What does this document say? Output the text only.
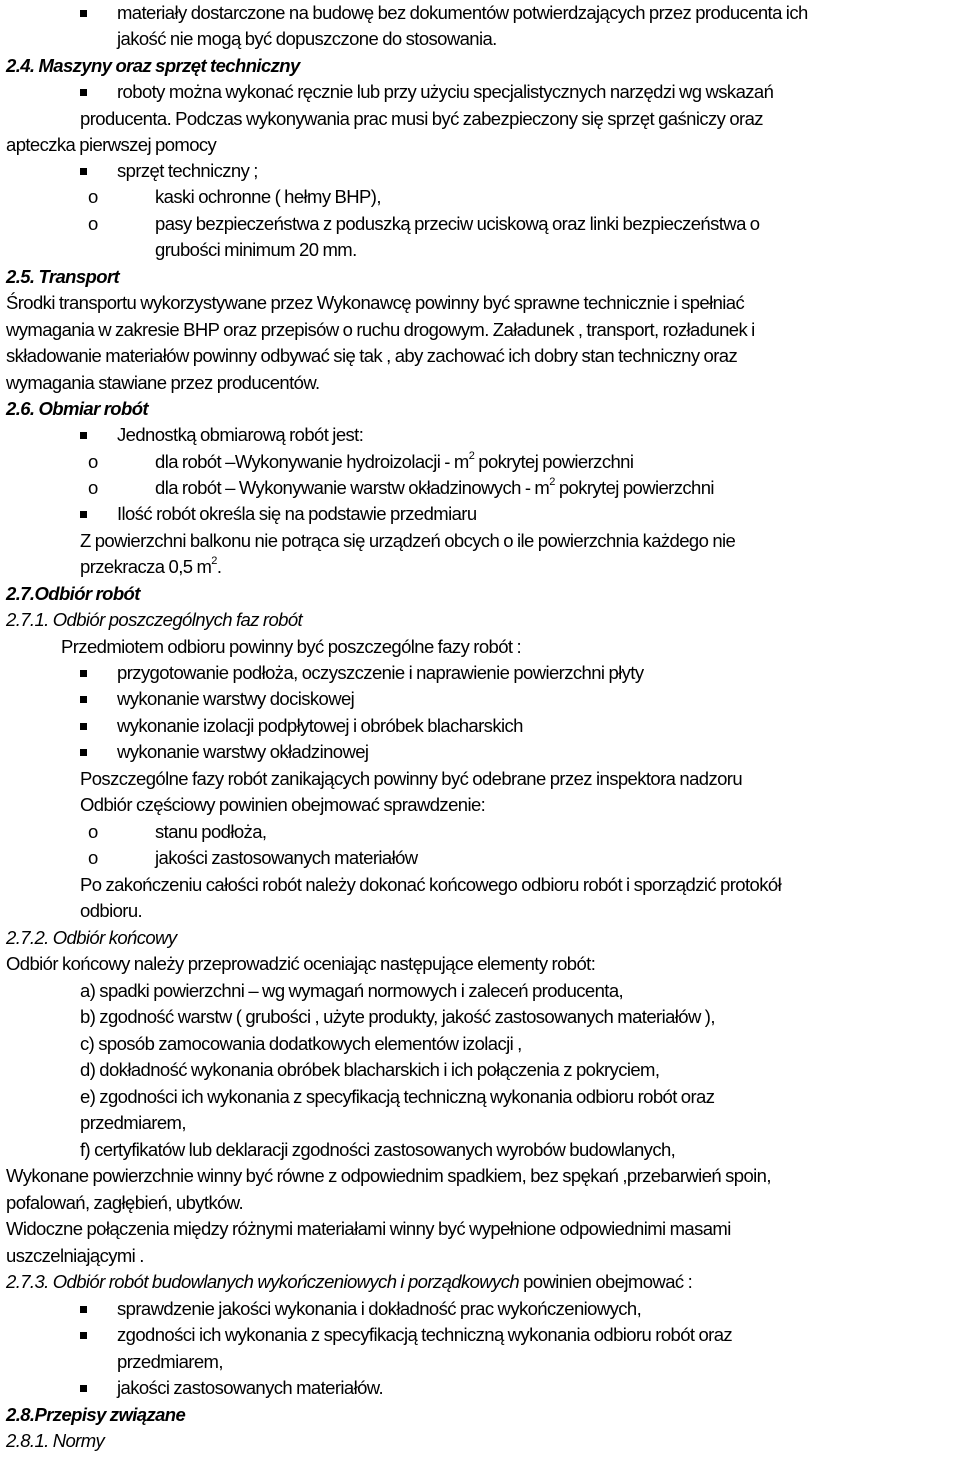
materiały dostarczone na budowę bez dokumentów potwierdzających przez producenta ich
jakość nie mogą być dopuszczone do stosowania.
2.4. Maszyny oraz sprzęt techniczny
roboty można wykonać ręcznie lub przy użyciu specjalistycznych narzędzi wg wskazań
producenta. Podczas wykonywania prac musi być zabezpieczony się sprzęt gaśniczy oraz
apteczka pierwszej pomocy
sprzęt techniczny ;
o	kaski ochronne ( hełmy BHP),
o	pasy bezpieczeństwa z poduszką przeciw uciskową oraz linki bezpieczeństwa o
grubości minimum 20 mm.
2.5. Transport
Środki transportu wykorzystywane przez Wykonawcę powinny być sprawne technicznie i spełniać
wymagania w zakresie BHP oraz przepisów o ruchu drogowym. Załadunek , transport, rozładunek i
składowanie materiałów powinny odbywać się tak , aby zachować ich dobry stan techniczny oraz
wymagania stawiane przez producentów.
2.6. Obmiar robót
Jednostką obmiarową robót jest:
o	dla robót –Wykonywanie hydroizolacji - $m^2$ pokrytej powierzchni
o	dla robót – Wykonywanie warstw okładzinowych - $m^2$ pokrytej powierzchni
Ilość robót określa się na podstawie przedmiaru
Z powierzchni balkonu nie potrąca się urządzeń obcych o ile powierzchnia każdego nie
przekracza 0,5 $m^2$.
2.7.Odbiór robót
2.7.1. Odbiór poszczególnych faz robót
Przedmiotem odbioru powinny być poszczególne fazy robót :
przygotowanie podłoża, oczyszczenie i naprawienie powierzchni płyty
wykonanie warstwy dociskowej
wykonanie izolacji podpłytowej i obróbek blacharskich
wykonanie warstwy okładzinowej
Poszczególne fazy robót zanikających powinny być odebrane przez inspektora nadzoru
Odbiór częściowy powinien obejmować sprawdzenie:
o	stanu podłoża,
o	jakości zastosowanych materiałów
Po zakończeniu całości robót należy dokonać końcowego odbioru robót i sporządzić protokół
odbioru.
2.7.2. Odbiór końcowy
Odbiór końcowy należy przeprowadzić oceniając następujące elementy robót:
a) spadki powierzchni – wg wymagań normowych i zaleceń producenta,
b) zgodność warstw ( grubości , użyte produkty, jakość zastosowanych materiałów ),
c) sposób zamocowania dodatkowych elementów izolacji ,
d) dokładność wykonania obróbek blacharskich i ich połączenia z pokryciem,
e) zgodności ich wykonania z specyfikacją techniczną wykonania odbioru robót oraz
przedmiarem,
f) certyfikatów lub deklaracji zgodności zastosowanych wyrobów budowlanych,
Wykonane powierzchnie winny być równe z odpowiednim spadkiem, bez spękań ,przebarwień spoin,
pofalowań, zagłębień, ubytków.
Widoczne połączenia między różnymi materiałami winny być wypełnione odpowiednimi masami
uszczelniającymi .
2.7.3. Odbiór robót budowlanych wykończeniowych i porządkowych powinien obejmować :
sprawdzenie jakości wykonania i dokładność prac wykończeniowych,
zgodności ich wykonania z specyfikacją techniczną wykonania odbioru robót oraz
przedmiarem,
jakości zastosowanych materiałów.
2.8.Przepisy związane
2.8.1. Normy
